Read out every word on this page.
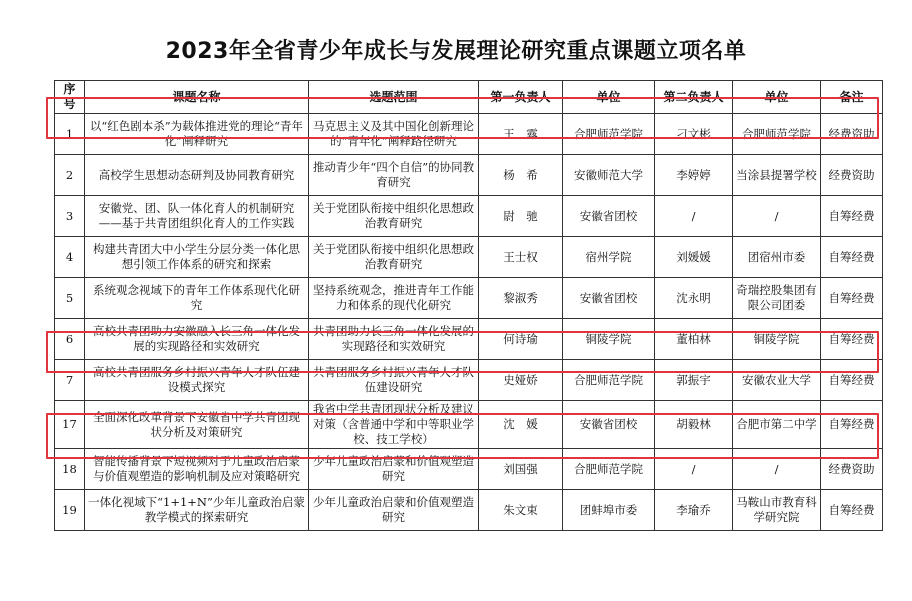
2023年全省青少年成长与发展理论研究重点课题立项名单
序号	课题名称	选题范围	第一负责人	单位	第二负责人	单位	备注
1	以“红色剧本杀”为载体推进党的理论“青年化”阐释研究	马克思主义及其中国化创新理论的“青年化”阐释路径研究	王　露	合肥师范学院	刁文彬	合肥师范学院	经费资助
2	高校学生思想动态研判及协同教育研究	推动青少年“四个自信”的协同教育研究	杨　希	安徽师范大学	李婷婷	当涂县提署学校	经费资助
3	安徽党、团、队一体化育人的机制研究——基于共青团组织化育人的工作实践	关于党团队衔接中组织化思想政治教育研究	尉　驰	安徽省团校	/	/	自筹经费
4	构建共青团大中小学生分层分类一体化思想引领工作体系的研究和探索	关于党团队衔接中组织化思想政治教育研究	王士权	宿州学院	刘媛媛	团宿州市委	自筹经费
5	系统观念视域下的青年工作体系现代化研究	坚持系统观念，推进青年工作能力和体系的现代化研究	黎淑秀	安徽省团校	沈永明	奇瑞控股集团有限公司团委	自筹经费
6	高校共青团助力安徽融入长三角一体化发展的实现路径和实效研究	共青团助力长三角一体化发展的实现路径和实效研究	何诗瑜	铜陵学院	董柏林	铜陵学院	自筹经费
7	高校共青团服务乡村振兴青年人才队伍建设模式探究	共青团服务乡村振兴青年人才队伍建设研究	史娅娇	合肥师范学院	郭振宇	安徽农业大学	自筹经费
17	全面深化改革背景下安徽省中学共青团现状分析及对策研究	我省中学共青团现状分析及建议对策（含普通中学和中等职业学校、技工学校）	沈　媛	安徽省团校	胡毅林	合肥市第二中学	自筹经费
18	智能传播背景下短视频对于儿童政治启蒙与价值观塑造的影响机制及应对策略研究	少年儿童政治启蒙和价值观塑造研究	刘国强	合肥师范学院	/	/	经费资助
19	一体化视域下“1+1+N”少年儿童政治启蒙教学模式的探索研究	少年儿童政治启蒙和价值观塑造研究	朱文束	团蚌埠市委	李瑜乔	马鞍山市教育科学研究院	自筹经费
